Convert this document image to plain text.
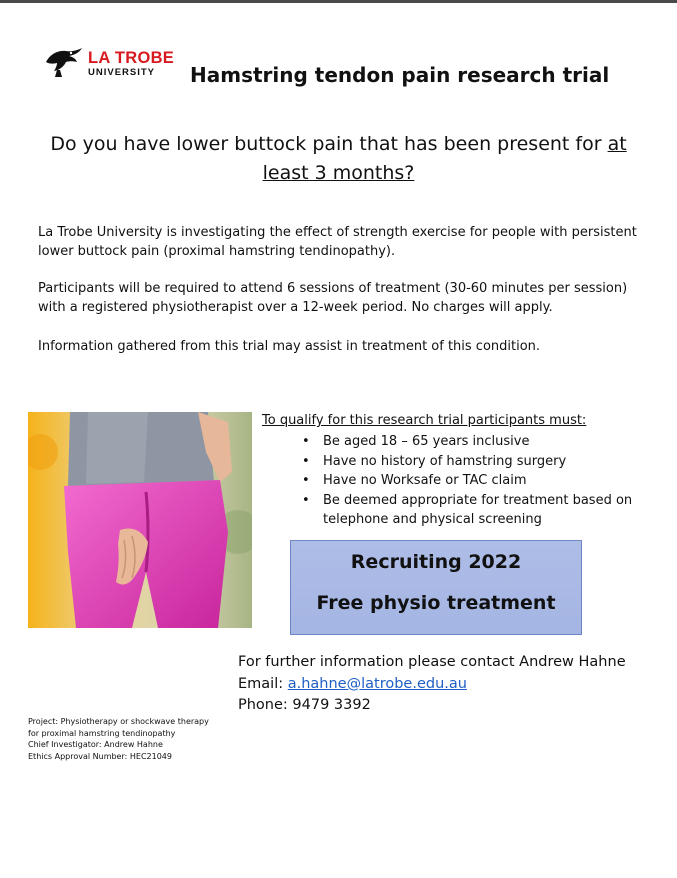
LA TROBE
UNIVERSITY Hamstring tendon pain research trial
Do you have lower buttock pain that has been present for at least 3 months?
La Trobe University is investigating the effect of strength exercise for people with persistent lower buttock pain (proximal hamstring tendinopathy).
Participants will be required to attend 6 sessions of treatment (30-60 minutes per session) with a registered physiotherapist over a 12-week period. No charges will apply.
Information gathered from this trial may assist in treatment of this condition.
To qualify for this research trial participants must:
• Be aged 18 – 65 years inclusive
• Have no history of hamstring surgery
• Have no Worksafe or TAC claim
• Be deemed appropriate for treatment based on telephone and physical screening
Recruiting 2022
Free physio treatment
For further information please contact Andrew Hahne
Email: a.hahne@latrobe.edu.au
Phone: 9479 3392
Project: Physiotherapy or shockwave therapy
for proximal hamstring tendinopathy
Chief Investigator: Andrew Hahne
Ethics Approval Number: HEC21049
